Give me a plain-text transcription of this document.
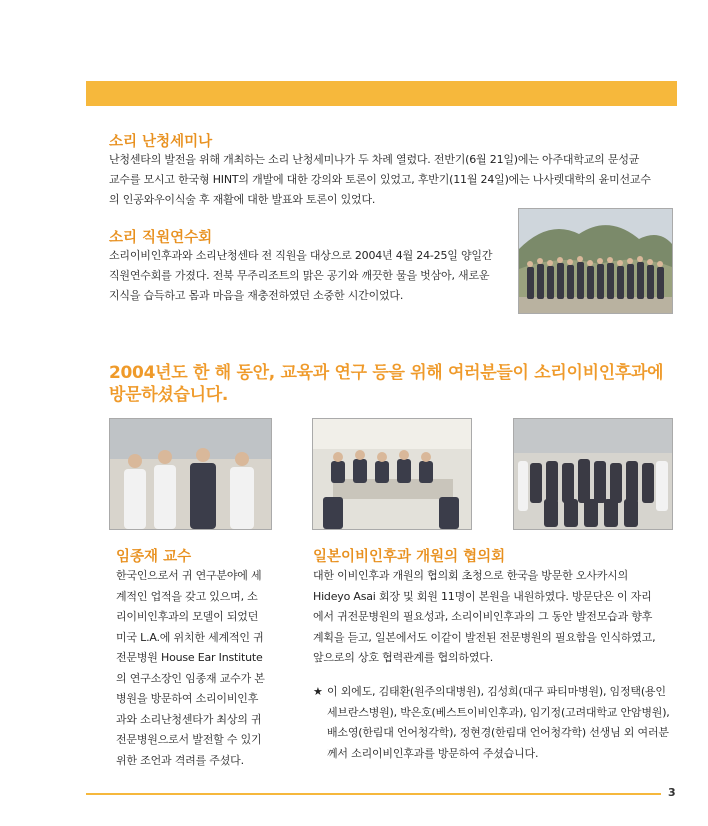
소리 난청세미나
난청센타의 발전을 위해 개최하는 소리 난청세미나가 두 차례 열렸다. 전반기(6월 21일)에는 아주대학교의 문성균
교수를 모시고 한국형 HINT의 개발에 대한 강의와 토론이 있었고, 후반기(11월 24일)에는 나사렛대학의 윤미선교수
의 인공와우이식술 후 재활에 대한 발표와 토론이 있었다.
소리 직원연수회
소리이비인후과와 소리난청센타 전 직원을 대상으로 2004년 4월 24-25일 양일간
직원연수회를 가졌다. 전북 무주리조트의 맑은 공기와 깨끗한 물을 벗삼아, 새로운
지식을 습득하고 몸과 마음을 재충전하였던 소중한 시간이었다.
2004년도 한 해 동안, 교육과 연구 등을 위해 여러분들이 소리이비인후과에
방문하셨습니다.
임종재 교수
한국인으로서 귀 연구분야에 세
계적인 업적을 갖고 있으며, 소
리이비인후과의 모델이 되었던
미국 L.A.에 위치한 세계적인 귀
전문병원 House Ear Institute
의 연구소장인 임종재 교수가 본
병원을 방문하여 소리이비인후
과와 소리난청센타가 최상의 귀
전문병원으로서 발전할 수 있기
위한 조언과 격려를 주셨다.
일본이비인후과 개원의 협의회
대한 이비인후과 개원의 협의회 초청으로 한국을 방문한 오사카시의
Hideyo Asai 회장 및 회원 11명이 본원을 내원하였다. 방문단은 이 자리
에서 귀전문병원의 필요성과, 소리이비인후과의 그 동안 발전모습과 향후
계획을 듣고, 일본에서도 이같이 발전된 전문병원의 필요함을 인식하였고,
앞으로의 상호 협력관계를 협의하였다.
★ 이 외에도, 김태환(원주의대병원), 김성희(대구 파티마병원), 임정택(용인
세브란스병원), 박은호(베스트이비인후과), 임기정(고려대학교 안암병원),
배소영(한림대 언어청각학), 정현경(한림대 언어청각학) 선생님 외 여러분
께서 소리이비인후과를 방문하여 주셨습니다.
3
